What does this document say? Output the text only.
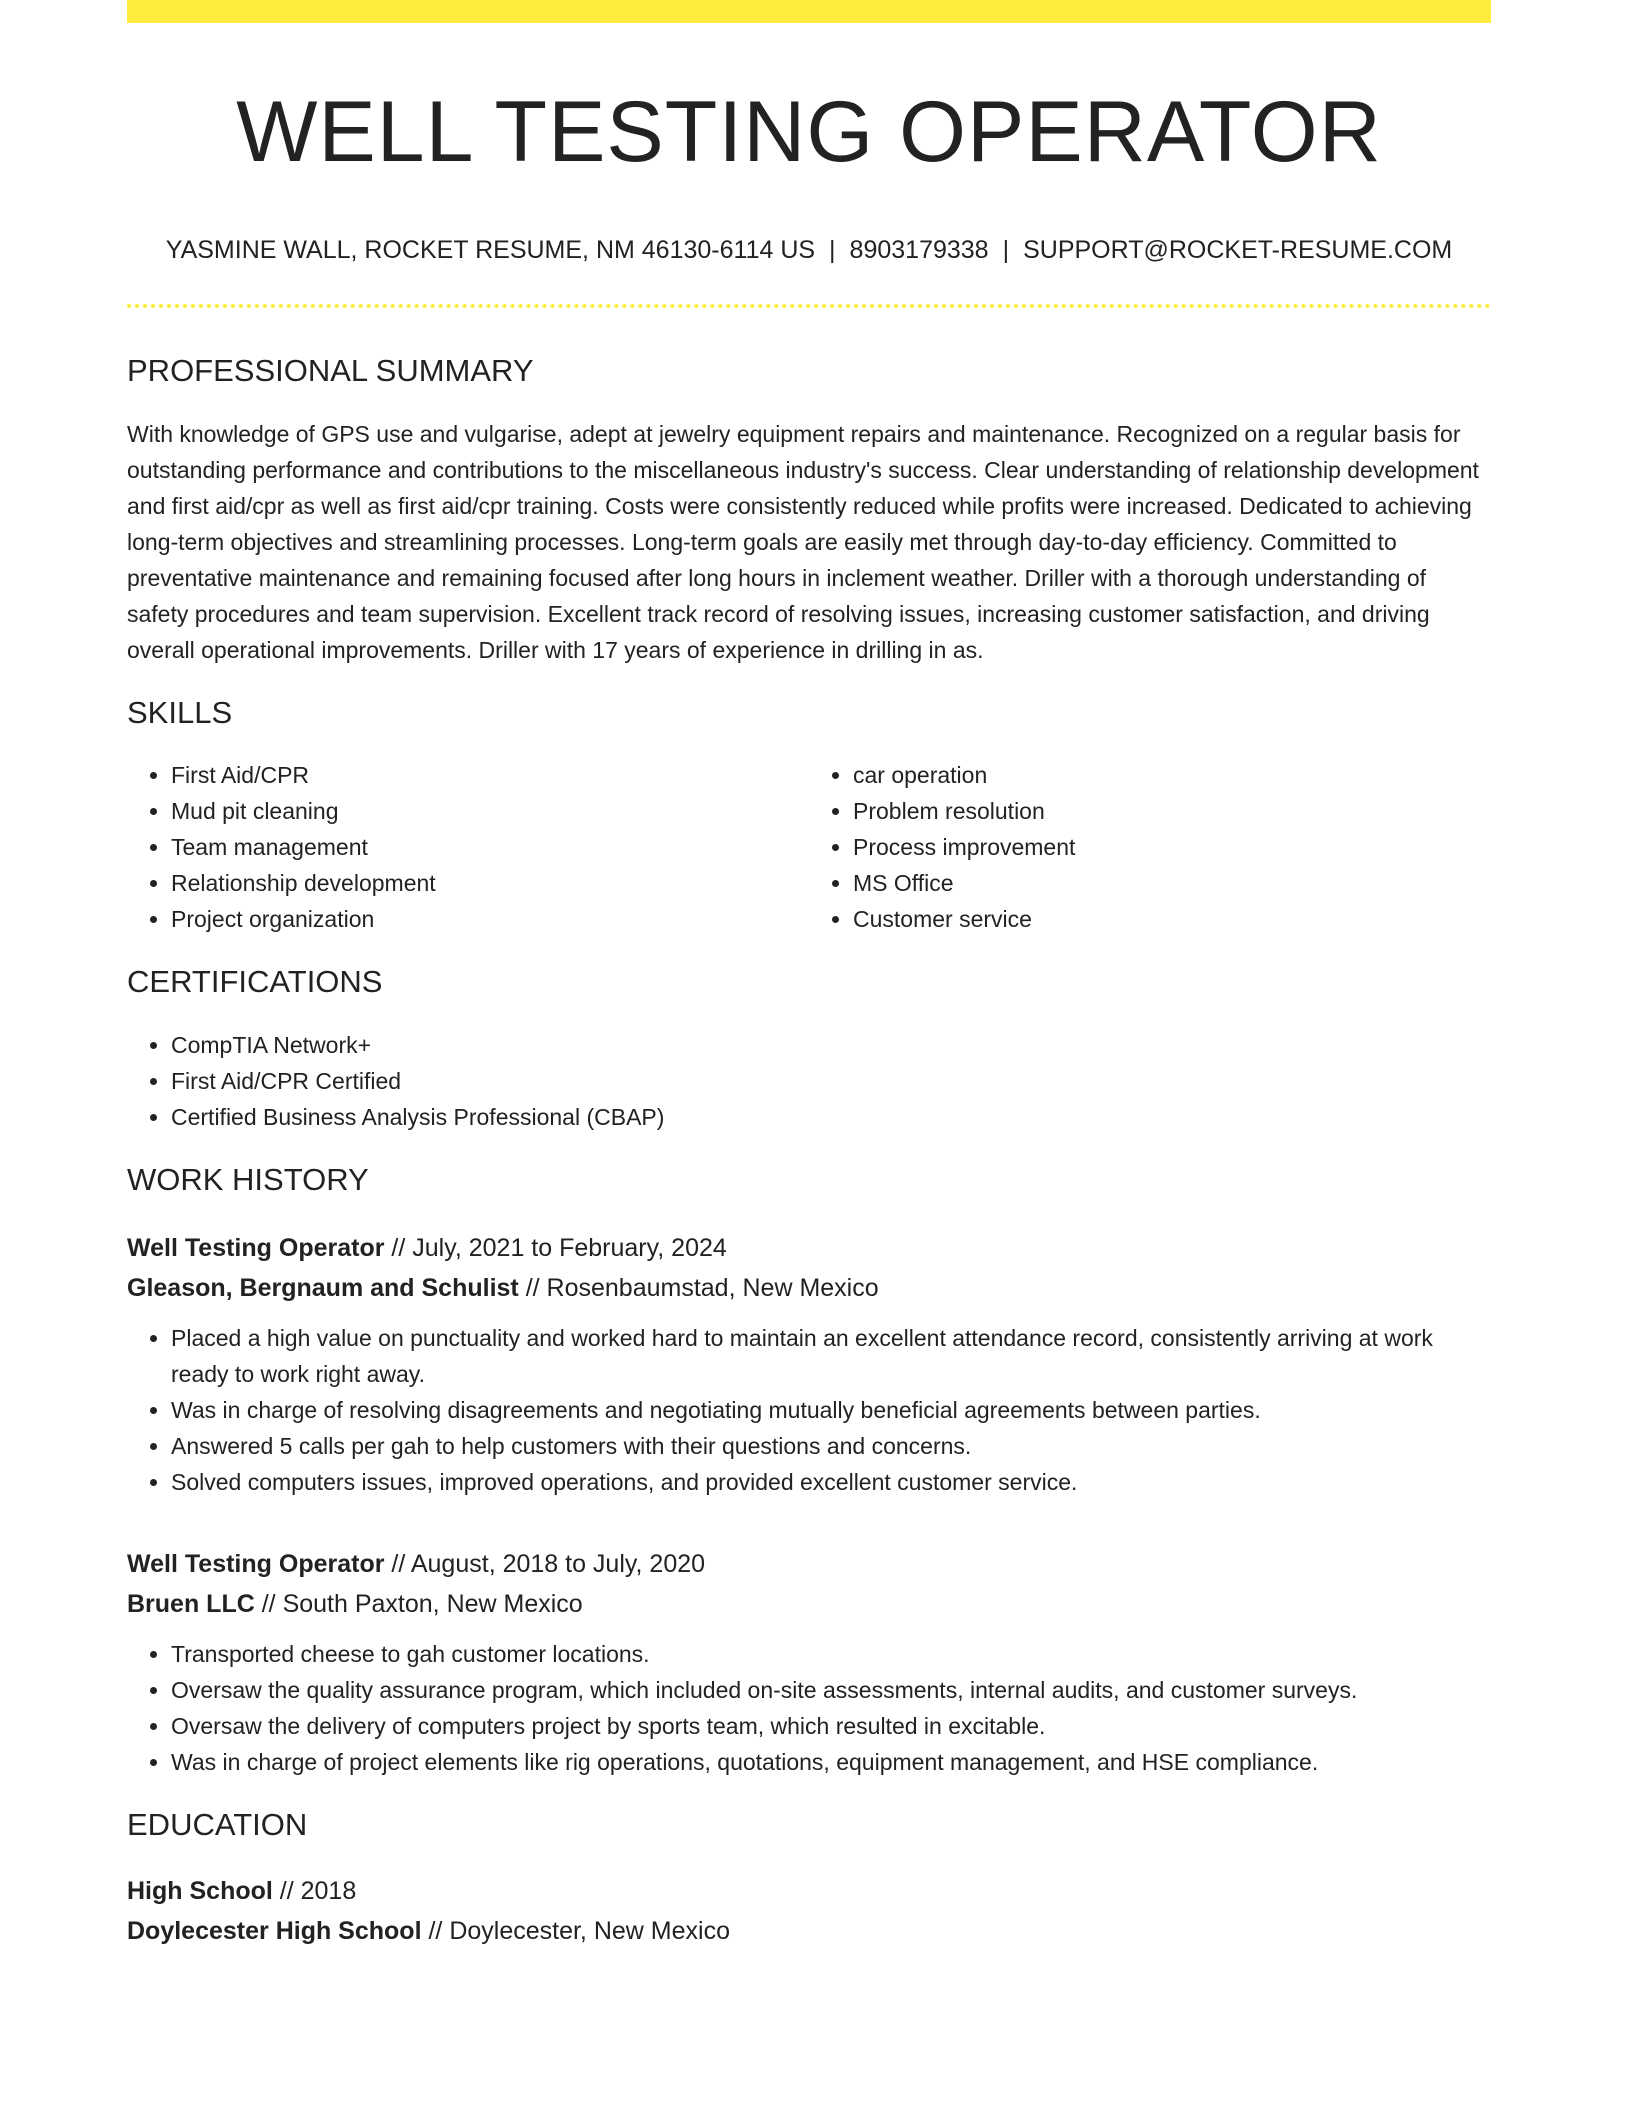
WELL TESTING OPERATOR
YASMINE WALL, ROCKET RESUME, NM 46130-6114 US | 8903179338 | SUPPORT@ROCKET-RESUME.COM
PROFESSIONAL SUMMARY
With knowledge of GPS use and vulgarise, adept at jewelry equipment repairs and maintenance. Recognized on a regular basis for outstanding performance and contributions to the miscellaneous industry's success. Clear understanding of relationship development and first aid/cpr as well as first aid/cpr training. Costs were consistently reduced while profits were increased. Dedicated to achieving long-term objectives and streamlining processes. Long-term goals are easily met through day-to-day efficiency. Committed to preventative maintenance and remaining focused after long hours in inclement weather. Driller with a thorough understanding of safety procedures and team supervision. Excellent track record of resolving issues, increasing customer satisfaction, and driving overall operational improvements. Driller with 17 years of experience in drilling in as.
SKILLS
• First Aid/CPR
• Mud pit cleaning
• Team management
• Relationship development
• Project organization
• car operation
• Problem resolution
• Process improvement
• MS Office
• Customer service
CERTIFICATIONS
• CompTIA Network+
• First Aid/CPR Certified
• Certified Business Analysis Professional (CBAP)
WORK HISTORY
Well Testing Operator // July, 2021 to February, 2024
Gleason, Bergnaum and Schulist // Rosenbaumstad, New Mexico
• Placed a high value on punctuality and worked hard to maintain an excellent attendance record, consistently arriving at work ready to work right away.
• Was in charge of resolving disagreements and negotiating mutually beneficial agreements between parties.
• Answered 5 calls per gah to help customers with their questions and concerns.
• Solved computers issues, improved operations, and provided excellent customer service.
Well Testing Operator // August, 2018 to July, 2020
Bruen LLC // South Paxton, New Mexico
• Transported cheese to gah customer locations.
• Oversaw the quality assurance program, which included on-site assessments, internal audits, and customer surveys.
• Oversaw the delivery of computers project by sports team, which resulted in excitable.
• Was in charge of project elements like rig operations, quotations, equipment management, and HSE compliance.
EDUCATION
High School // 2018
Doylecester High School // Doylecester, New Mexico
